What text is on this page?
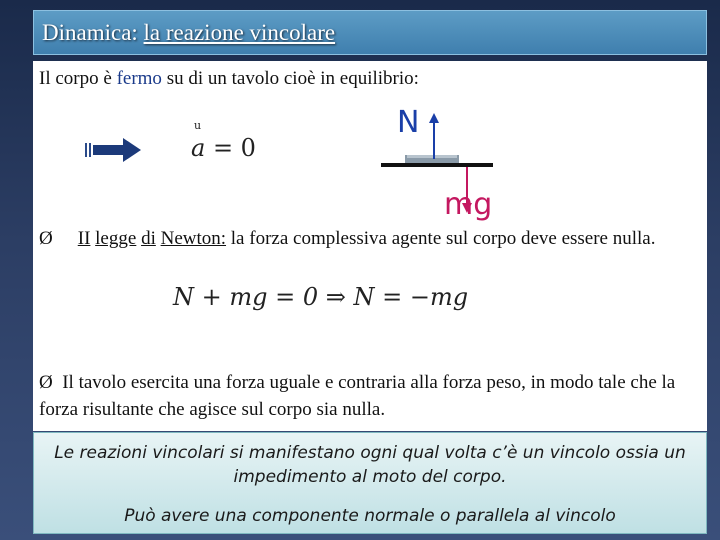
Dinamica: la reazione vincolare
Il corpo è fermo su di un tavolo cioè in equilibrio:
u
a = 0
N
mg
Ø II legge di Newton: la forza complessiva agente sul corpo deve essere nulla.
N + mg = 0 ⇒ N = −mg
Ø Il tavolo esercita una forza uguale e contraria alla forza peso, in modo tale che la forza risultante che agisce sul corpo sia nulla.
Le reazioni vincolari si manifestano ogni qual volta c’è un vincolo ossia un impedimento al moto del corpo.
Può avere una componente normale o parallela al vincolo
